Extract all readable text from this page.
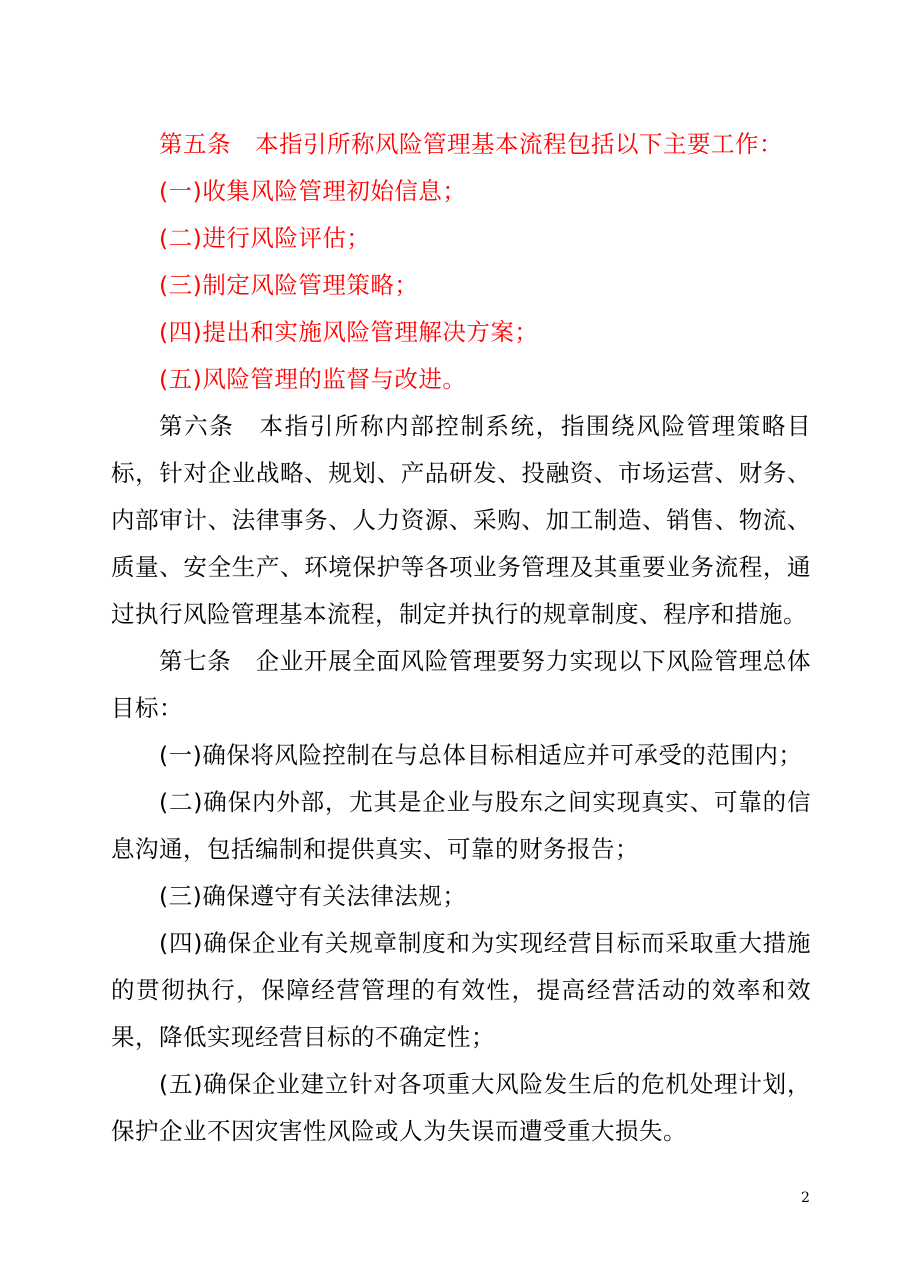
第五条　本指引所称风险管理基本流程包括以下主要工作：

(一)收集风险管理初始信息；

(二)进行风险评估；

(三)制定风险管理策略；

(四)提出和实施风险管理解决方案；

(五)风险管理的监督与改进。

第六条　本指引所称内部控制系统，指围绕风险管理策略目标，针对企业战略、规划、产品研发、投融资、市场运营、财务、内部审计、法律事务、人力资源、采购、加工制造、销售、物流、质量、安全生产、环境保护等各项业务管理及其重要业务流程，通过执行风险管理基本流程，制定并执行的规章制度、程序和措施。

第七条　企业开展全面风险管理要努力实现以下风险管理总体目标：

(一)确保将风险控制在与总体目标相适应并可承受的范围内；

(二)确保内外部，尤其是企业与股东之间实现真实、可靠的信息沟通，包括编制和提供真实、可靠的财务报告；

(三)确保遵守有关法律法规；

(四)确保企业有关规章制度和为实现经营目标而采取重大措施的贯彻执行，保障经营管理的有效性，提高经营活动的效率和效果，降低实现经营目标的不确定性；

(五)确保企业建立针对各项重大风险发生后的危机处理计划，保护企业不因灾害性风险或人为失误而遭受重大损失。

2
